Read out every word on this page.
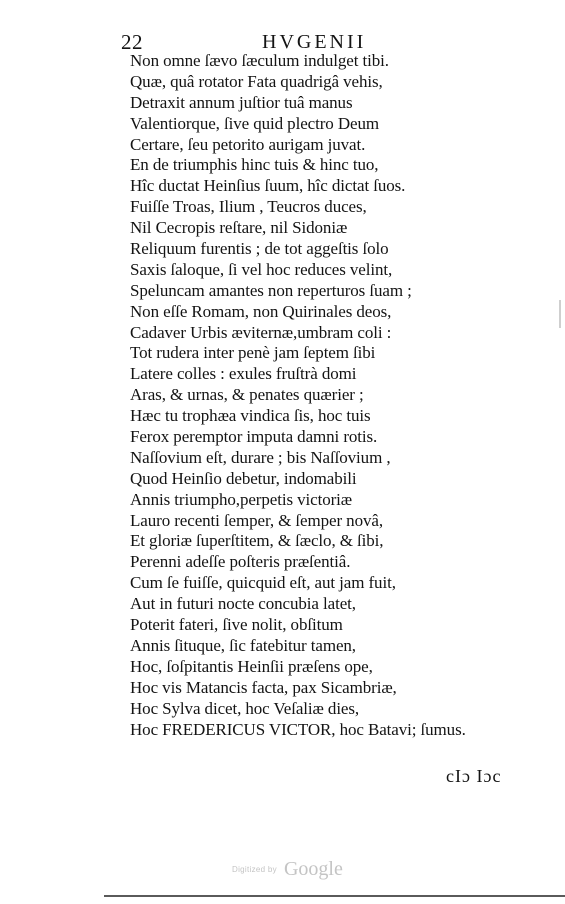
22	HVGENII
Non omne ſævo ſæculum indulget tibi.
Quæ, quâ rotator Fata quadrigâ vehis,
Detraxit annum juſtior tuâ manus
Valentiorque, ſive quid plectro Deum
Certare, ſeu petorito aurigam juvat.
En de triumphis hinc tuis & hinc tuo,
Hîc ductat Heinſius ſuum, hîc dictat ſuos.
Fuiſſe Troas, Ilium , Teucros duces,
Nil Cecropis reſtare, nil Sidoniæ
Reliquum furentis ; de tot aggeſtis ſolo
Saxis ſaloque, ſi vel hoc reduces velint,
Speluncam amantes non reperturos ſuam ;
Non eſſe Romam, non Quirinales deos,
Cadaver Urbis æviternæ,umbram coli :
Tot rudera inter penè jam ſeptem ſibi
Latere colles : exules fruſtrà domi
Aras, & urnas, & penates quærier ;
Hæc tu trophæa vindica ſis, hoc tuis
Ferox peremptor imputa damni rotis.
Naſſovium eſt, durare ; bis Naſſovium ,
Quod Heinſio debetur, indomabili
Annis triumpho,perpetis victoriæ
Lauro recenti ſemper, & ſemper novâ,
Et gloriæ ſuperſtitem, & ſæclo, & ſibi,
Perenni adeſſe poſteris præſentiâ.
Cum ſe fuiſſe, quicquid eſt, aut jam fuit,
Aut in futuri nocte concubia latet,
Poterit fateri, ſive nolit, obſitum
Annis ſituque, ſic fatebitur tamen,
Hoc, ſoſpitantis Heinſii præſens ope,
Hoc vis Matancis facta, pax Sicambriæ,
Hoc Sylva dicet, hoc Veſaliæ dies,
Hoc FREDERICUS VICTOR, hoc Batavi; ſumus.
cIɔ Iɔc
Digitized by Google
